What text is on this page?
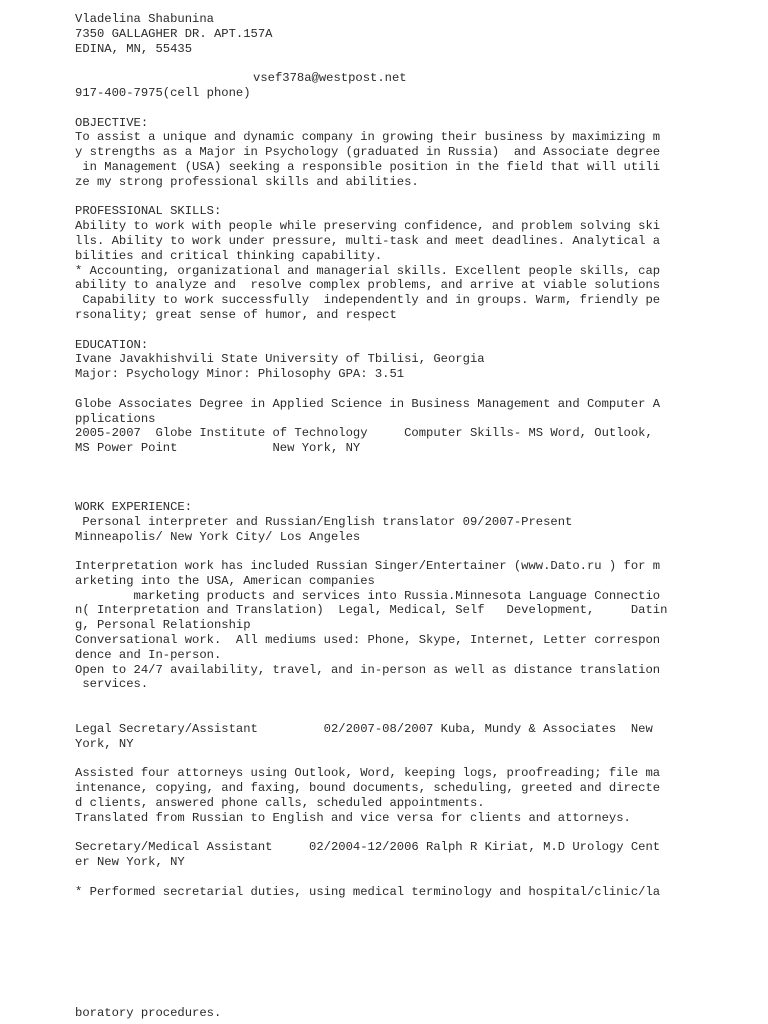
Vladelina Shabunina
7350 GALLAGHER DR. APT.157A
EDINA, MN, 55435
vsef378a@westpost.net
917-400-7975(cell phone)
OBJECTIVE:
To assist a unique and dynamic company in growing their business by maximizing m
y strengths as a Major in Psychology (graduated in Russia)  and Associate degree
in Management (USA) seeking a responsible position in the field that will utili
ze my strong professional skills and abilities.
PROFESSIONAL SKILLS:
Ability to work with people while preserving confidence, and problem solving ski
lls. Ability to work under pressure, multi-task and meet deadlines. Analytical a
bilities and critical thinking capability.
* Accounting, organizational and managerial skills. Excellent people skills, cap
ability to analyze and  resolve complex problems, and arrive at viable solutions
Capability to work successfully  independently and in groups. Warm, friendly pe
rsonality; great sense of humor, and respect
EDUCATION:
Ivane Javakhishvili State University of Tbilisi, Georgia
Major: Psychology Minor: Philosophy GPA: 3.51
Globe Associates Degree in Applied Science in Business Management and Computer A
pplications
2005-2007  Globe Institute of Technology     Computer Skills- MS Word, Outlook,
MS Power Point             New York, NY
WORK EXPERIENCE:
Personal interpreter and Russian/English translator 09/2007-Present
Minneapolis/ New York City/ Los Angeles
Interpretation work has included Russian Singer/Entertainer (www.Dato.ru ) for m
arketing into the USA, American companies
marketing products and services into Russia.Minnesota Language Connectio
n( Interpretation and Translation)  Legal, Medical, Self   Development,     Datin
g, Personal Relationship
Conversational work.  All mediums used: Phone, Skype, Internet, Letter correspon
dence and In-person.
Open to 24/7 availability, travel, and in-person as well as distance translation
services.
Legal Secretary/Assistant         02/2007-08/2007 Kuba, Mundy & Associates  New
York, NY
Assisted four attorneys using Outlook, Word, keeping logs, proofreading; file ma
intenance, copying, and faxing, bound documents, scheduling, greeted and directe
d clients, answered phone calls, scheduled appointments.
Translated from Russian to English and vice versa for clients and attorneys.
Secretary/Medical Assistant     02/2004-12/2006 Ralph R Kiriat, M.D Urology Cent
er New York, NY
* Performed secretarial duties, using medical terminology and hospital/clinic/la
boratory procedures.
